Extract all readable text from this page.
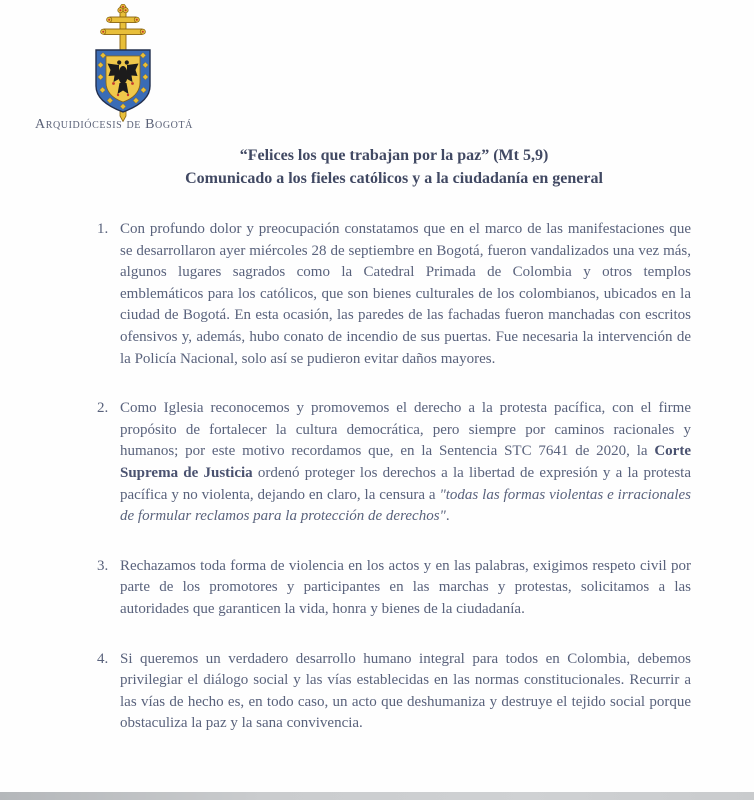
Arquidiócesis de Bogotá
“Felices los que trabajan por la paz” (Mt 5,9)
Comunicado a los fieles católicos y a la ciudadanía en general
1. Con profundo dolor y preocupación constatamos que en el marco de las manifestaciones que se desarrollaron ayer miércoles 28 de septiembre en Bogotá, fueron vandalizados una vez más, algunos lugares sagrados como la Catedral Primada de Colombia y otros templos emblemáticos para los católicos, que son bienes culturales de los colombianos, ubicados en la ciudad de Bogotá. En esta ocasión, las paredes de las fachadas fueron manchadas con escritos ofensivos y, además, hubo conato de incendio de sus puertas. Fue necesaria la intervención de la Policía Nacional, solo así se pudieron evitar daños mayores.
2. Como Iglesia reconocemos y promovemos el derecho a la protesta pacífica, con el firme propósito de fortalecer la cultura democrática, pero siempre por caminos racionales y humanos; por este motivo recordamos que, en la Sentencia STC 7641 de 2020, la Corte Suprema de Justicia ordenó proteger los derechos a la libertad de expresión y a la protesta pacífica y no violenta, dejando en claro, la censura a "todas las formas violentas e irracionales de formular reclamos para la protección de derechos".
3. Rechazamos toda forma de violencia en los actos y en las palabras, exigimos respeto civil por parte de los promotores y participantes en las marchas y protestas, solicitamos a las autoridades que garanticen la vida, honra y bienes de la ciudadanía.
4. Si queremos un verdadero desarrollo humano integral para todos en Colombia, debemos privilegiar el diálogo social y las vías establecidas en las normas constitucionales. Recurrir a las vías de hecho es, en todo caso, un acto que deshumaniza y destruye el tejido social porque obstaculiza la paz y la sana convivencia.
